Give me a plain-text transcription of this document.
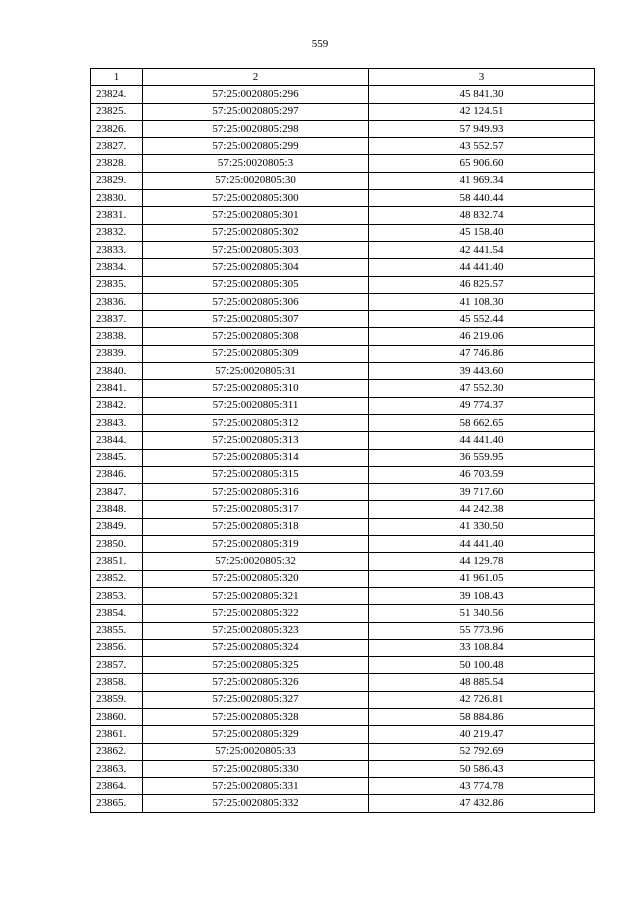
559
1	2	3
23824.	57:25:0020805:296	45 841.30
23825.	57:25:0020805:297	42 124.51
23826.	57:25:0020805:298	57 949.93
23827.	57:25:0020805:299	43 552.57
23828.	57:25:0020805:3	65 906.60
23829.	57:25:0020805:30	41 969.34
23830.	57:25:0020805:300	58 440.44
23831.	57:25:0020805:301	48 832.74
23832.	57:25:0020805:302	45 158.40
23833.	57:25:0020805:303	42 441.54
23834.	57:25:0020805:304	44 441.40
23835.	57:25:0020805:305	46 825.57
23836.	57:25:0020805:306	41 108.30
23837.	57:25:0020805:307	45 552.44
23838.	57:25:0020805:308	46 219.06
23839.	57:25:0020805:309	47 746.86
23840.	57:25:0020805:31	39 443.60
23841.	57:25:0020805:310	47 552.30
23842.	57:25:0020805:311	49 774.37
23843.	57:25:0020805:312	58 662.65
23844.	57:25:0020805:313	44 441.40
23845.	57:25:0020805:314	36 559.95
23846.	57:25:0020805:315	46 703.59
23847.	57:25:0020805:316	39 717.60
23848.	57:25:0020805:317	44 242.38
23849.	57:25:0020805:318	41 330.50
23850.	57:25:0020805:319	44 441.40
23851.	57:25:0020805:32	44 129.78
23852.	57:25:0020805:320	41 961.05
23853.	57:25:0020805:321	39 108.43
23854.	57:25:0020805:322	51 340.56
23855.	57:25:0020805:323	55 773.96
23856.	57:25:0020805:324	33 108.84
23857.	57:25:0020805:325	50 100.48
23858.	57:25:0020805:326	48 885.54
23859.	57:25:0020805:327	42 726.81
23860.	57:25:0020805:328	58 884.86
23861.	57:25:0020805:329	40 219.47
23862.	57:25:0020805:33	52 792.69
23863.	57:25:0020805:330	50 586.43
23864.	57:25:0020805:331	43 774.78
23865.	57:25:0020805:332	47 432.86
